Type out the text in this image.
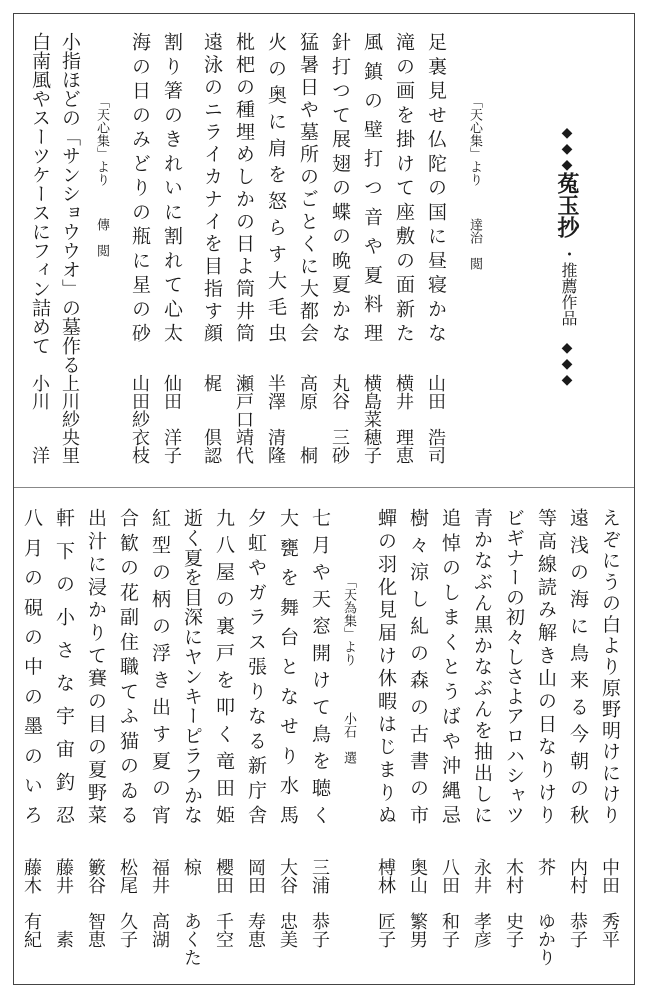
◆◆◆
菟玉抄
・推薦作品
◆◆◆
「天心集」より
達治　閲
「天心集」より
傳　閲	足裏見せ仏陀の国に昼寝かな
山田　浩司
滝の画を掛けて座敷の面新た
横井　理恵
風鎮の壁打つ音や夏料理
横島菜穂子
針打つて展翅の蝶の晩夏かな
丸谷　三砂
猛暑日や墓所のごとくに大都会
高原　　桐
火の奥に肩を怒らす大毛虫
半澤　清隆
枇杷の種埋めしかの日よ筒井筒
瀬戸口靖代
遠泳のニライカナイを目指す顔
梶　　倶認
割り箸のきれいに割れて心太
仙田　洋子
海の日のみどりの瓶に星の砂
山田紗衣枝
小指ほどの「サンショウウオ」の墓作る
上川紗央里
白南風やスーツケースにフィン詰めて
小川　　洋
「天為集」より
小石　選	えぞにうの白より原野明けにけり
中田　秀平
遠浅の海に鳥来る今朝の秋
内村　恭子
等高線読み解き山の日なりけり
芥　　ゆかり
ビギナーの初々しさよアロハシャツ
木村　史子
青かなぶん黒かなぶんを抽出しに
永井　孝彦
追悼のしまくとうばや沖縄忌
八田　和子
樹々涼し糺の森の古書の市
奥山　繁男
蟬の羽化見届け休暇はじまりぬ
榑林　匠子
七月や天窓開けて鳥を聴く
三浦　恭子
大甕を舞台となせり水馬
大谷　忠美
夕虹やガラス張りなる新庁舎
岡田　寿恵
九八屋の裏戸を叩く竜田姫
櫻田　千空
逝く夏を目深にヤンキーピラフかな
椋　　あくた
紅型の柄の浮き出す夏の宵
福井　高湖
合歓の花副住職てふ猫のゐる
松尾　久子
出汁に浸かりて賽の目の夏野菜
籔谷　智恵
軒下の小さな宇宙釣忍
藤井　　素
八月の硯の中の墨のいろ
藤木　有紀
